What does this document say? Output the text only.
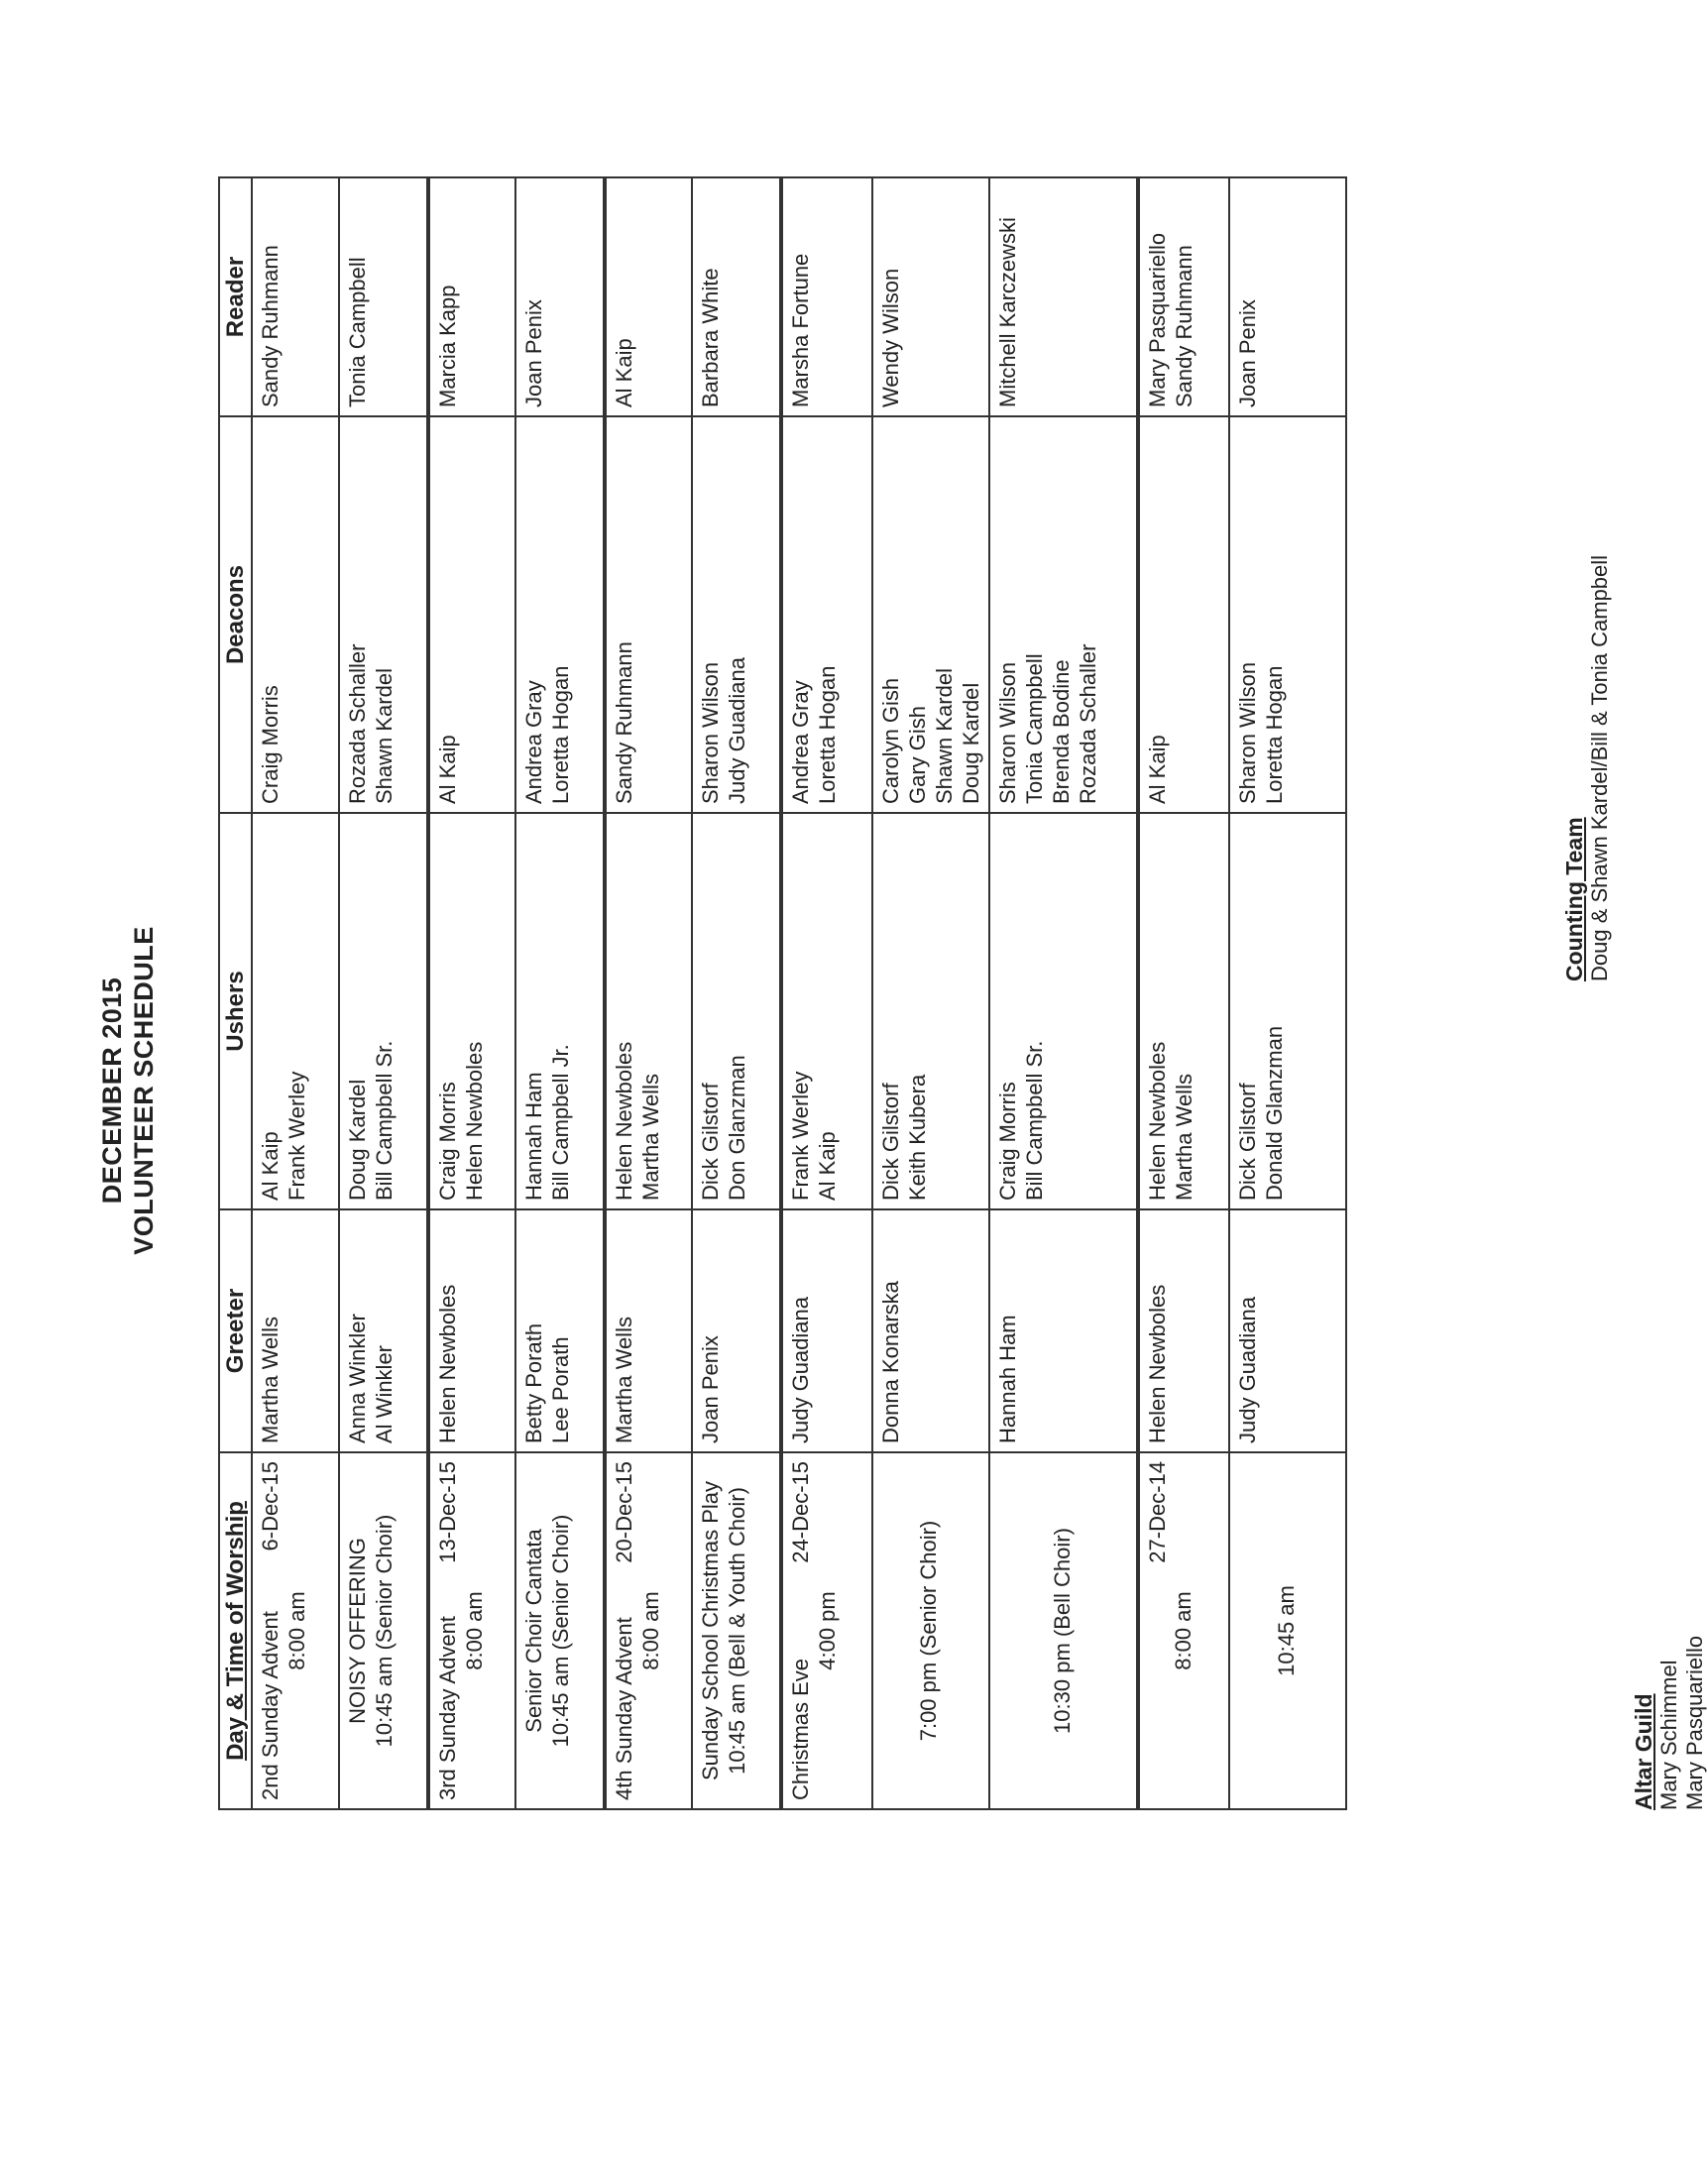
DECEMBER 2015 VOLUNTEER SCHEDULE
Day & Time of Worship	Greeter	Ushers	Deacons	Reader

2nd Sunday Advent
6-Dec-15
8:00 am	Martha Wells	Al Kaip Frank Werley	Craig Morris	Sandy Ruhmann

NOISY OFFERING 10:45 am (Senior Choir)	Anna Winkler Al Winkler	Doug Kardel Bill Campbell Sr.	Rozada Schaller Shawn Kardel	Tonia Campbell

3rd Sunday Advent
13-Dec-15
8:00 am	Helen Newboles	Craig Morris Helen Newboles	Al Kaip	Marcia Kapp

Senior Choir Cantata 10:45 am (Senior Choir)	Betty Porath Lee Porath	Hannah Ham Bill Campbell Jr.	Andrea Gray Loretta Hogan	Joan Penix

4th Sunday Advent
20-Dec-15
8:00 am	Martha Wells	Helen Newboles Martha Wells	Sandy Ruhmann	Al Kaip

Sunday School Christmas Play 10:45 am (Bell & Youth Choir)	Joan Penix	Dick Gilstorf Don Glanzman	Sharon Wilson Judy Guadiana	Barbara White

Christmas Eve
24-Dec-15
4:00 pm	Judy Guadiana	Frank Werley Al Kaip	Andrea Gray Loretta Hogan	Marsha Fortune

7:00 pm (Senior Choir)	Donna Konarska	Dick Gilstorf Keith Kubera	Carolyn Gish Gary Gish Shawn Kardel Doug Kardel	Wendy Wilson

10:30 pm (Bell Choir)	Hannah Ham	Craig Morris Bill Campbell Sr.	Sharon Wilson Tonia Campbell Brenda Bodine Rozada Schaller	Mitchell Karczewski

27-Dec-14
8:00 am	Helen Newboles	Helen Newboles Martha Wells	Al Kaip	Mary Pasquariello Sandy Ruhmann

10:45 am	Judy Guadiana	Dick Gilstorf Donald Glanzman	Sharon Wilson Loretta Hogan	Joan Penix
Altar Guild Mary Schimmel Mary Pasquariello
Counting Team Doug & Shawn Kardel/Bill & Tonia Campbell
